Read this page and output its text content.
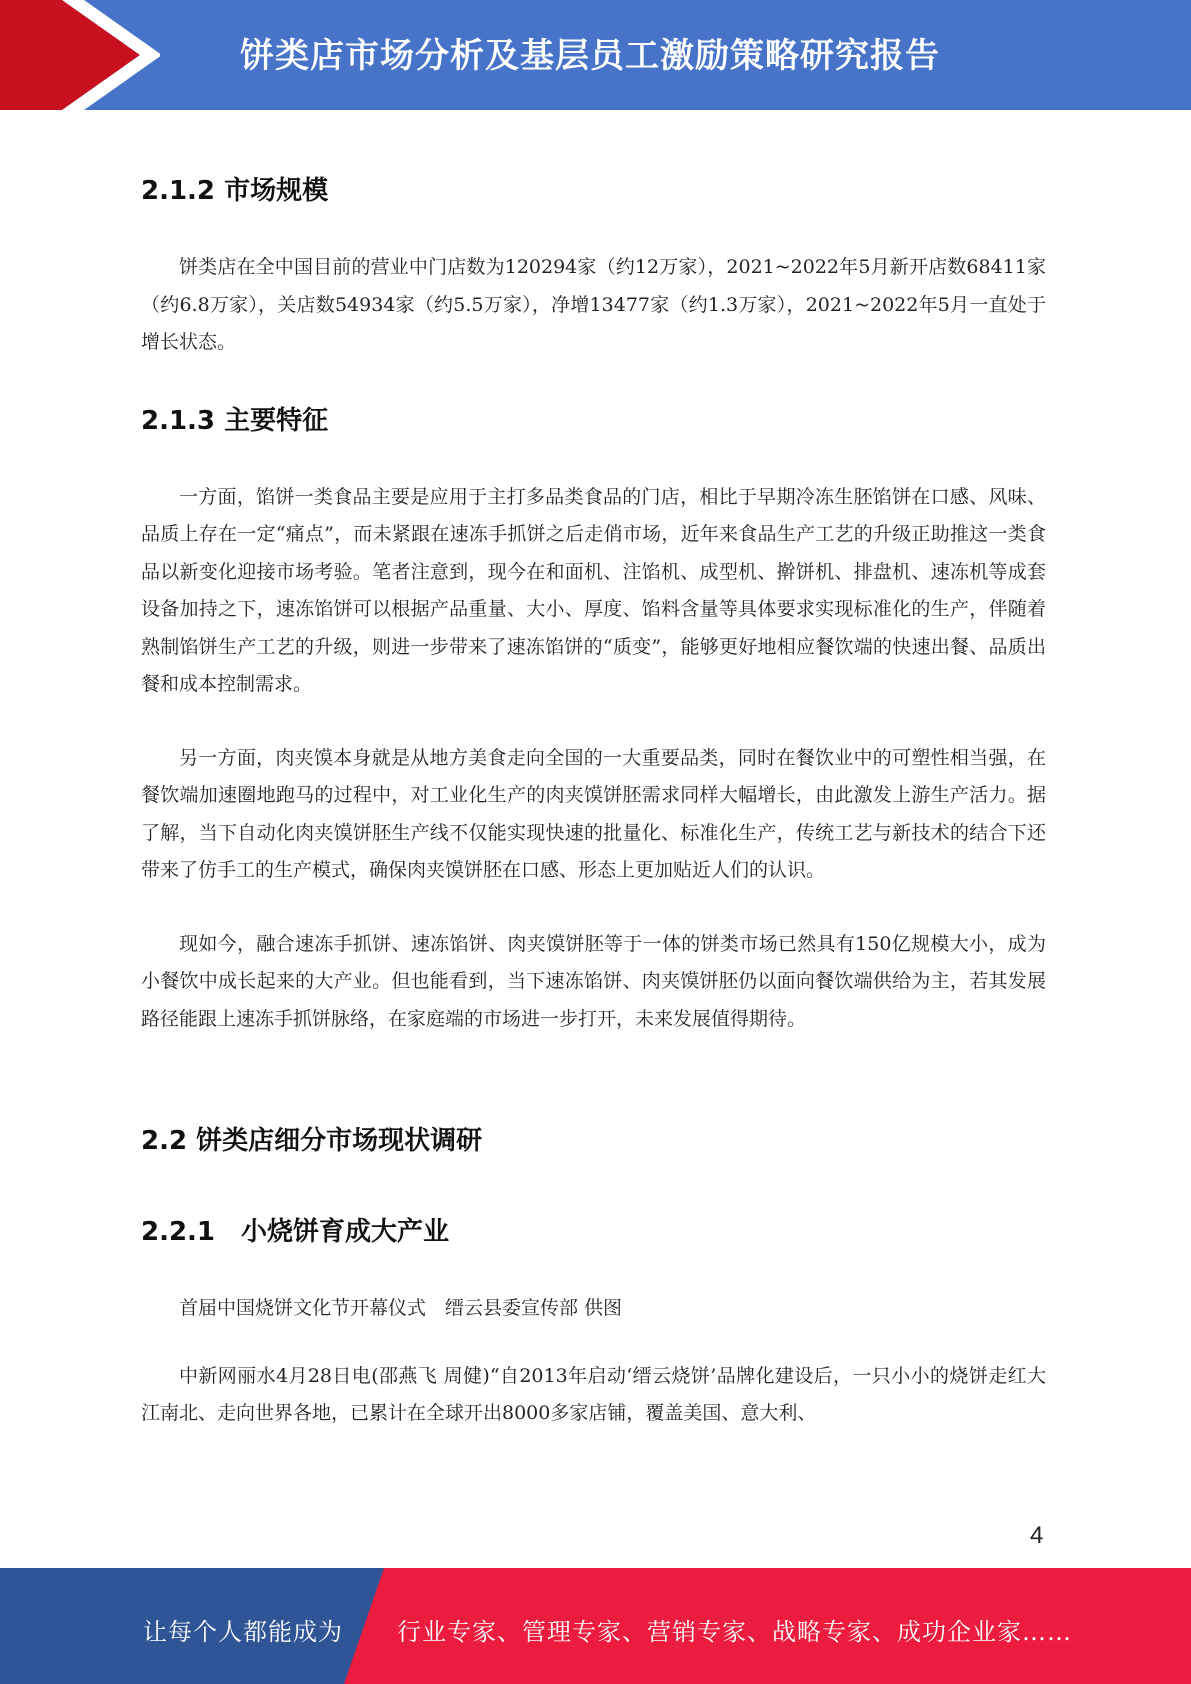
饼类店市场分析及基层员工激励策略研究报告
2.1.2 市场规模

饼类店在全中国目前的营业中门店数为120294家（约12万家），2021~2022年5月新开店数68411家（约6.8万家），关店数54934家（约5.5万家），净增13477家（约1.3万家），2021~2022年5月一直处于增长状态。

2.1.3 主要特征

一方面，馅饼一类食品主要是应用于主打多品类食品的门店，相比于早期冷冻生胚馅饼在口感、风味、品质上存在一定“痛点”，而未紧跟在速冻手抓饼之后走俏市场，近年来食品生产工艺的升级正助推这一类食品以新变化迎接市场考验。笔者注意到，现今在和面机、注馅机、成型机、擀饼机、排盘机、速冻机等成套设备加持之下，速冻馅饼可以根据产品重量、大小、厚度、馅料含量等具体要求实现标准化的生产，伴随着熟制馅饼生产工艺的升级，则进一步带来了速冻馅饼的“质变”，能够更好地相应餐饮端的快速出餐、品质出餐和成本控制需求。

另一方面，肉夹馍本身就是从地方美食走向全国的一大重要品类，同时在餐饮业中的可塑性相当强，在餐饮端加速圈地跑马的过程中，对工业化生产的肉夹馍饼胚需求同样大幅增长，由此激发上游生产活力。据了解，当下自动化肉夹馍饼胚生产线不仅能实现快速的批量化、标准化生产，传统工艺与新技术的结合下还带来了仿手工的生产模式，确保肉夹馍饼胚在口感、形态上更加贴近人们的认识。

现如今，融合速冻手抓饼、速冻馅饼、肉夹馍饼胚等于一体的饼类市场已然具有150亿规模大小，成为小餐饮中成长起来的大产业。但也能看到，当下速冻馅饼、肉夹馍饼胚仍以面向餐饮端供给为主，若其发展路径能跟上速冻手抓饼脉络，在家庭端的市场进一步打开，未来发展值得期待。

2.2 饼类店细分市场现状调研
2.2.1　小烧饼育成大产业

首届中国烧饼文化节开幕仪式　缙云县委宣传部 供图

中新网丽水4月28日电(邵燕飞 周健)“自2013年启动‘缙云烧饼’品牌化建设后，一只小小的烧饼走红大江南北、走向世界各地，已累计在全球开出8000多家店铺，覆盖美国、意大利、

4
让每个人都能成为 行业专家、管理专家、营销专家、战略专家、成功企业家……
